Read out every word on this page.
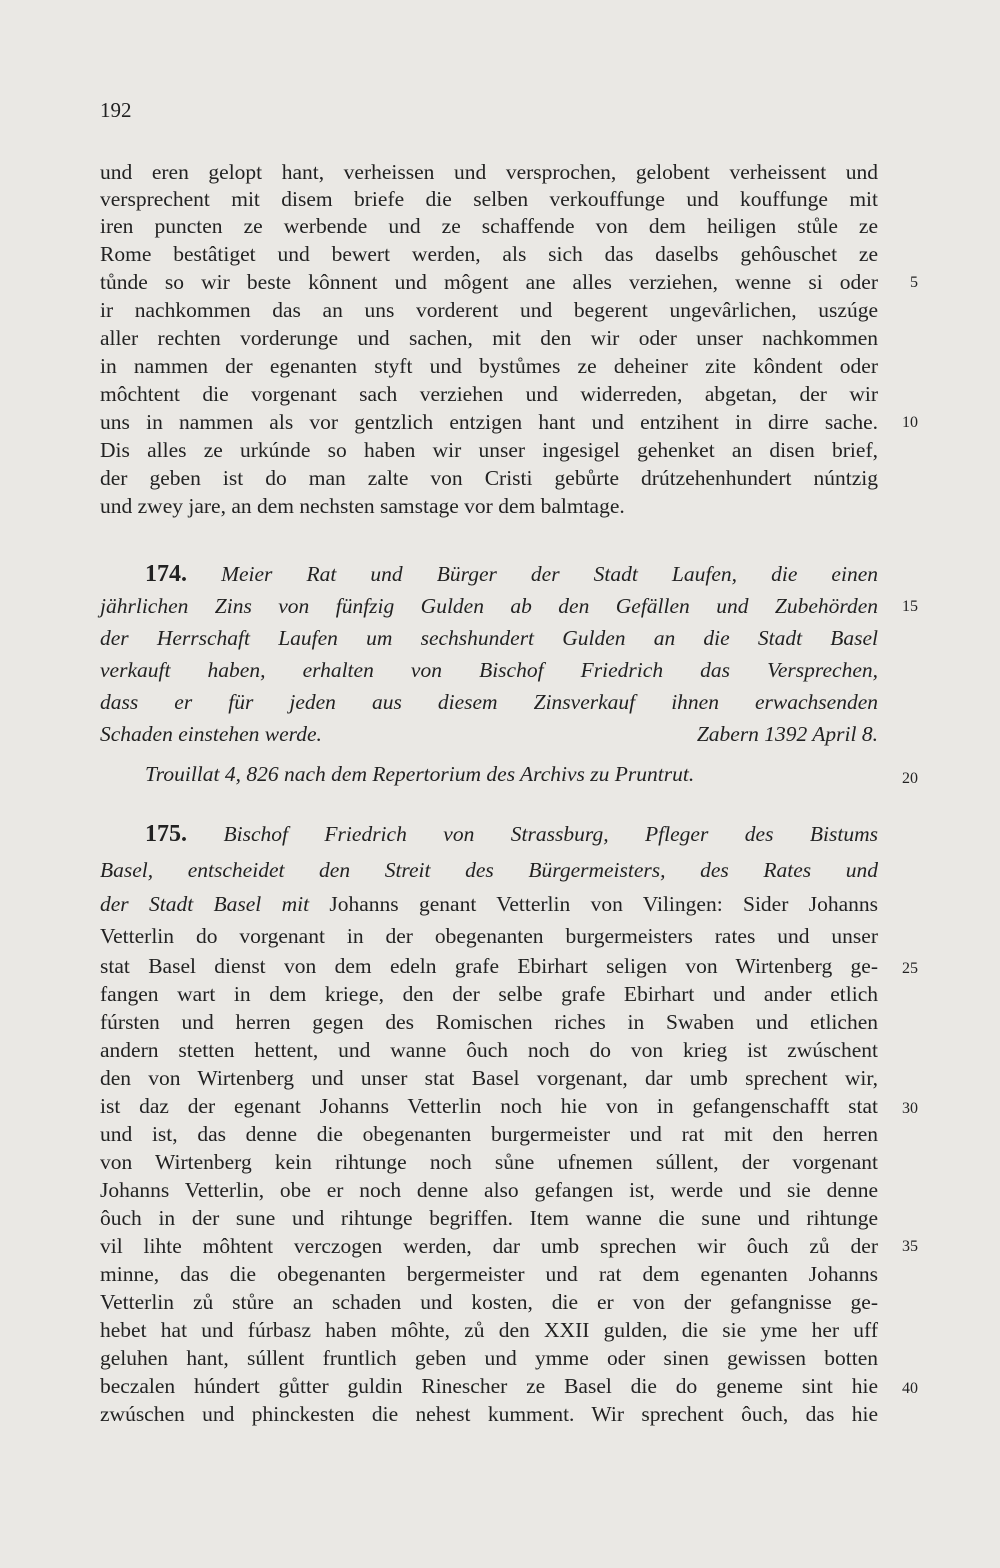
192
und eren gelopt hant, verheissen und versprochen, gelobent verheissent und
versprechent mit disem briefe die selben verkouffunge und kouffunge mit
iren puncten ze werbende und ze schaffende von dem heiligen stůle ze
Rome bestâtiget und bewert werden, als sich das daselbs gehôuschet ze
tůnde so wir beste kônnent und môgent ane alles verziehen, wenne si oder
ir nachkommen das an uns vorderent und begerent ungevârlichen, uszúge
aller rechten vorderunge und sachen, mit den wir oder unser nachkommen
in nammen der egenanten styft und bystůmes ze deheiner zite kôndent oder
môchtent die vorgenant sach verziehen und widerreden, abgetan, der wir
uns in nammen als vor gentzlich entzigen hant und entzihent in dirre sache.
Dis alles ze urkúnde so haben wir unser ingesigel gehenket an disen brief,
der geben ist do man zalte von Cristi gebůrte drútzehenhundert núntzig
und zwey jare, an dem nechsten samstage vor dem balmtage.
174. Meier Rat und Bürger der Stadt Laufen, die einen
jährlichen Zins von fünfzig Gulden ab den Gefällen und Zubehörden
der Herrschaft Laufen um sechshundert Gulden an die Stadt Basel
verkauft haben, erhalten von Bischof Friedrich das Versprechen,
dass er für jeden aus diesem Zinsverkauf ihnen erwachsenden
Schaden einstehen werde.	Zabern 1392 April 8.
Trouillat 4, 826 nach dem Repertorium des Archivs zu Pruntrut.
175. Bischof Friedrich von Strassburg, Pfleger des Bistums
Basel, entscheidet den Streit des Bürgermeisters, des Rates und
der Stadt Basel mit Johanns genant Vetterlin von Vilingen: Sider Johanns
Vetterlin do vorgenant in der obegenanten burgermeisters rates und unser
stat Basel dienst von dem edeln grafe Ebirhart seligen von Wirtenberg ge-
fangen wart in dem kriege, den der selbe grafe Ebirhart und ander etlich
fúrsten und herren gegen des Romischen riches in Swaben und etlichen
andern stetten hettent, und wanne ôuch noch do von krieg ist zwúschent
den von Wirtenberg und unser stat Basel vorgenant, dar umb sprechent wir,
ist daz der egenant Johanns Vetterlin noch hie von in gefangenschafft stat
und ist, das denne die obegenanten burgermeister und rat mit den herren
von Wirtenberg kein rihtunge noch sůne ufnemen súllent, der vorgenant
Johanns Vetterlin, obe er noch denne also gefangen ist, werde und sie denne
ôuch in der sune und rihtunge begriffen. Item wanne die sune und rihtunge
vil lihte môhtent verczogen werden, dar umb sprechen wir ôuch zů der
minne, das die obegenanten bergermeister und rat dem egenanten Johanns
Vetterlin zů stůre an schaden und kosten, die er von der gefangnisse ge-
hebet hat und fúrbasz haben môhte, zů den XXII gulden, die sie yme her uff
geluhen hant, súllent fruntlich geben und ymme oder sinen gewissen botten
beczalen húndert gůtter guldin Rinescher ze Basel die do geneme sint hie
zwúschen und phinckesten die nehest kumment. Wir sprechent ôuch, das hie
5
10
15
20
25
30
35
40
